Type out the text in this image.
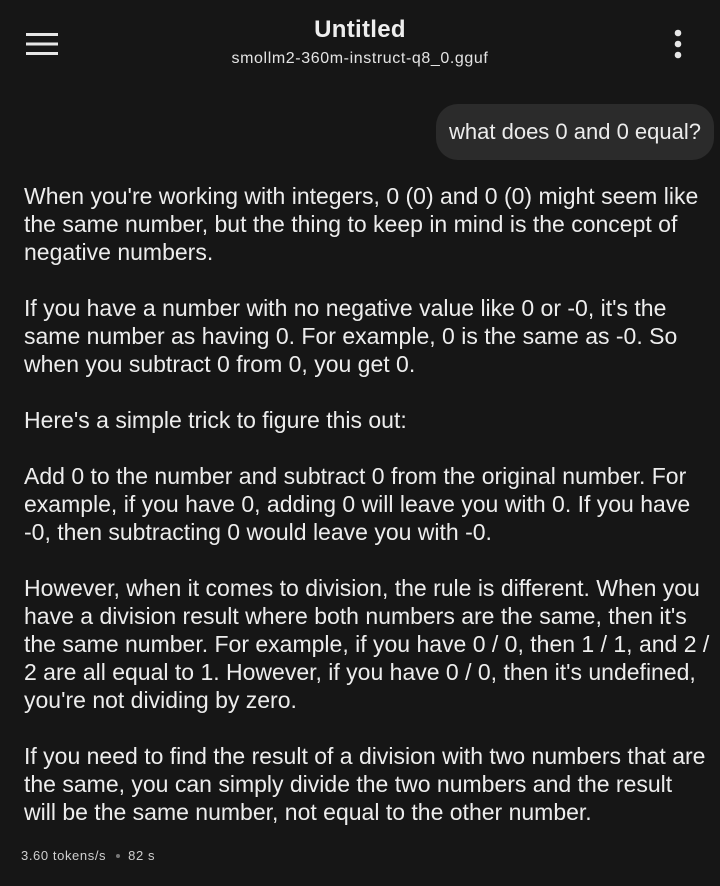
Untitled
smollm2-360m-instruct-q8_0.gguf
what does 0 and 0 equal?

When you're working with integers, 0 (0) and 0 (0) might seem like the same number, but the thing to keep in mind is the concept of negative numbers.

If you have a number with no negative value like 0 or -0, it's the same number as having 0. For example, 0 is the same as -0. So when you subtract 0 from 0, you get 0.

Here's a simple trick to figure this out:

Add 0 to the number and subtract 0 from the original number. For example, if you have 0, adding 0 will leave you with 0. If you have -0, then subtracting 0 would leave you with -0.

However, when it comes to division, the rule is different. When you have a division result where both numbers are the same, then it's the same number. For example, if you have 0 / 0, then 1 / 1, and 2 / 2 are all equal to 1. However, if you have 0 / 0, then it's undefined, you're not dividing by zero.

If you need to find the result of a division with two numbers that are the same, you can simply divide the two numbers and the result will be the same number, not equal to the other number.

3.60 tokens/s 82 s
